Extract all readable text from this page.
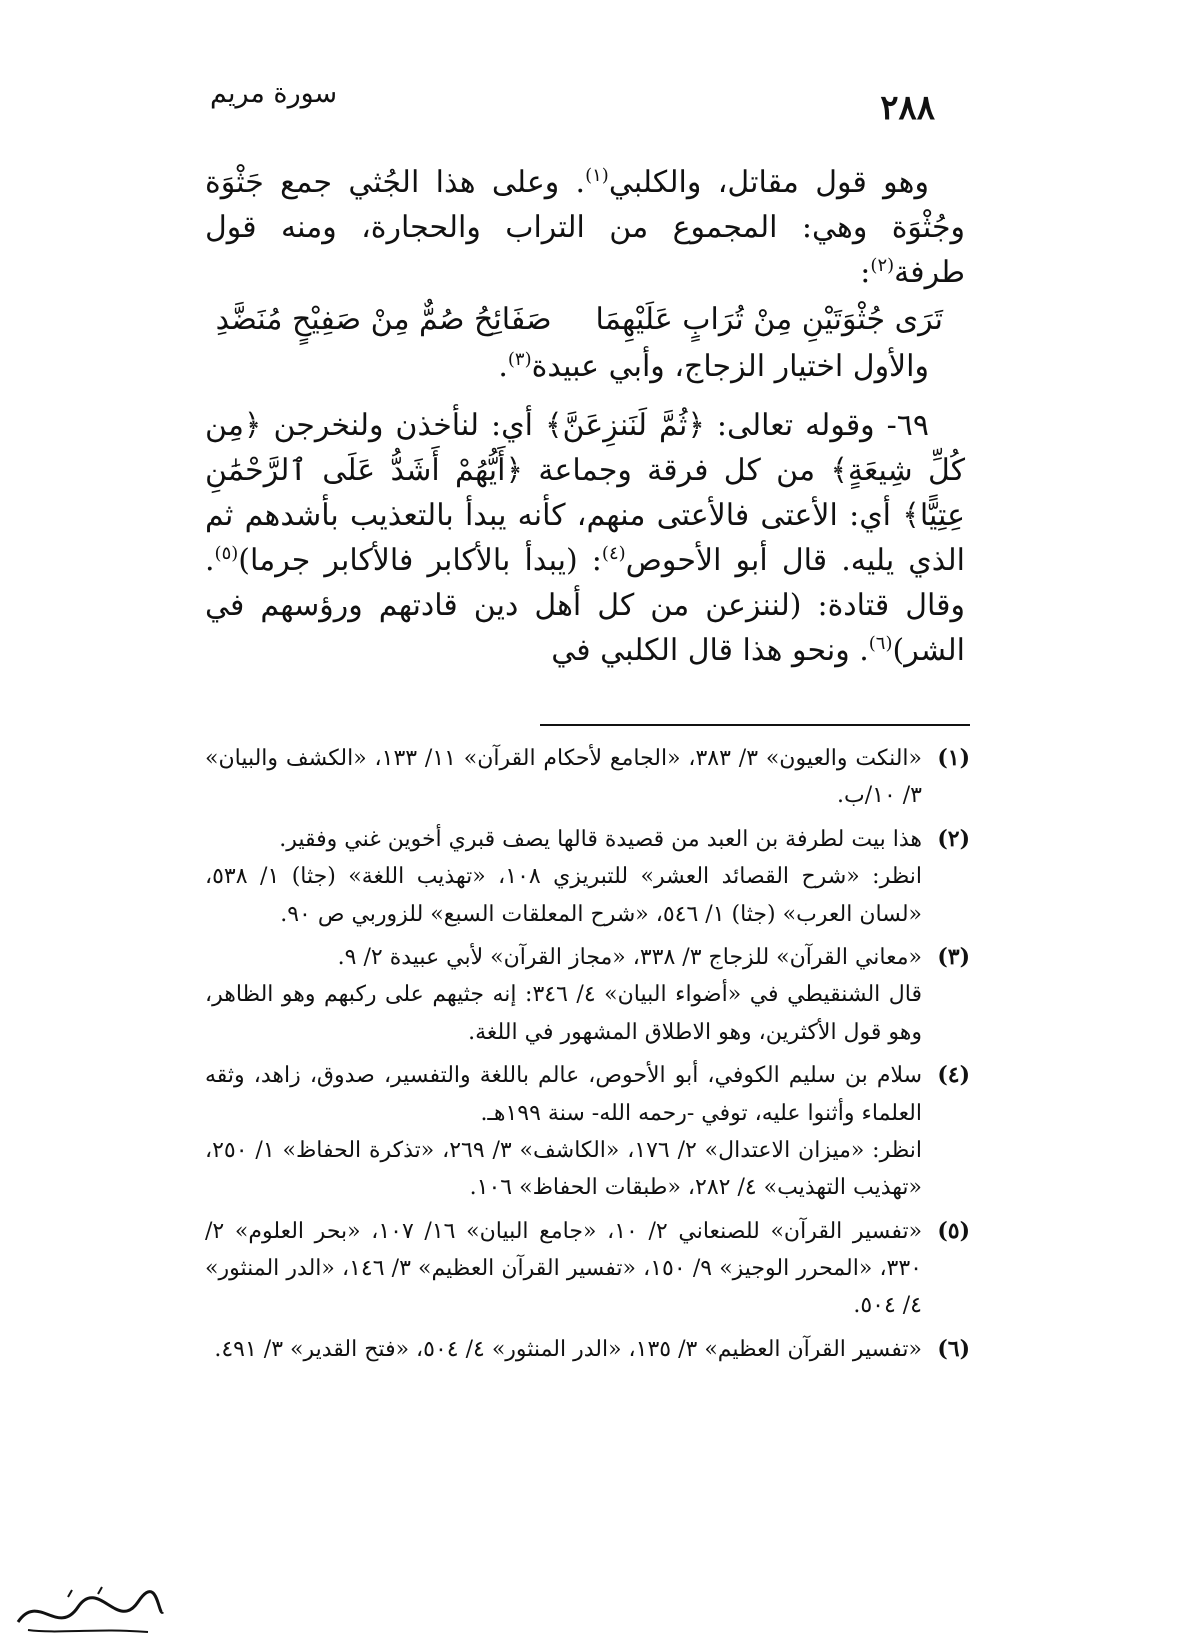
٢٨٨
سورة مريم

وهو قول مقاتل، والكلبي$^{(١)}$. وعلى هذا الجُثي جمع جَثْوَة وجُثْوَة وهي: المجموع من التراب والحجارة، ومنه قول طرفة$^{(٢)}$:

تَرَى جُثْوَتَيْنِ مِنْ تُرَابٍ عَلَيْهِمَاصَفَائِحُ صُمٌّ مِنْ صَفِيْحٍ مُنَضَّدِ

والأول اختيار الزجاج، وأبي عبيدة$^{(٣)}$.

٦٩- وقوله تعالى: ﴿ثُمَّ لَنَنزِعَنَّ﴾ أي: لنأخذن ولنخرجن ﴿مِن كُلِّ شِيعَةٍ﴾ من كل فرقة وجماعة ﴿أَيُّهُمْ أَشَدُّ عَلَى ٱلرَّحْمَٰنِ عِتِيًّا﴾ أي: الأعتى فالأعتى منهم، كأنه يبدأ بالتعذيب بأشدهم ثم الذي يليه. قال أبو الأحوص$^{(٤)}$: (يبدأ بالأكابر فالأكابر جرما)$^{(٥)}$. وقال قتادة: (لننزعن من كل أهل دين قادتهم ورؤسهم في الشر)$^{(٦)}$. ونحو هذا قال الكلبي في

(١)
«النكت والعيون» ٣/ ٣٨٣، «الجامع لأحكام القرآن» ١١/ ١٣٣، «الكشف والبيان» ٣/ ١٠/ب.
(٢)
هذا بيت لطرفة بن العبد من قصيدة قالها يصف قبري أخوين غني وفقير.
انظر: «شرح القصائد العشر» للتبريزي ١٠٨، «تهذيب اللغة» (جثا) ١/ ٥٣٨، «لسان العرب» (جثا) ١/ ٥٤٦، «شرح المعلقات السبع» للزوربي ص ٩٠.
(٣)
«معاني القرآن» للزجاج ٣/ ٣٣٨، «مجاز القرآن» لأبي عبيدة ٢/ ٩.
قال الشنقيطي في «أضواء البيان» ٤/ ٣٤٦: إنه جثيهم على ركبهم وهو الظاهر، وهو قول الأكثرين، وهو الاطلاق المشهور في اللغة.
(٤)
سلام بن سليم الكوفي، أبو الأحوص، عالم باللغة والتفسير، صدوق، زاهد، وثقه العلماء وأثنوا عليه، توفي -رحمه الله- سنة ١٩٩هـ.
انظر: «ميزان الاعتدال» ٢/ ١٧٦، «الكاشف» ٣/ ٢٦٩، «تذكرة الحفاظ» ١/ ٢٥٠، «تهذيب التهذيب» ٤/ ٢٨٢، «طبقات الحفاظ» ١٠٦.
(٥)
«تفسير القرآن» للصنعاني ٢/ ١٠، «جامع البيان» ١٦/ ١٠٧، «بحر العلوم» ٢/ ٣٣٠، «المحرر الوجيز» ٩/ ١٥٠، «تفسير القرآن العظيم» ٣/ ١٤٦، «الدر المنثور» ٤/ ٥٠٤.
(٦)
«تفسير القرآن العظيم» ٣/ ١٣٥، «الدر المنثور» ٤/ ٥٠٤، «فتح القدير» ٣/ ٤٩١.
